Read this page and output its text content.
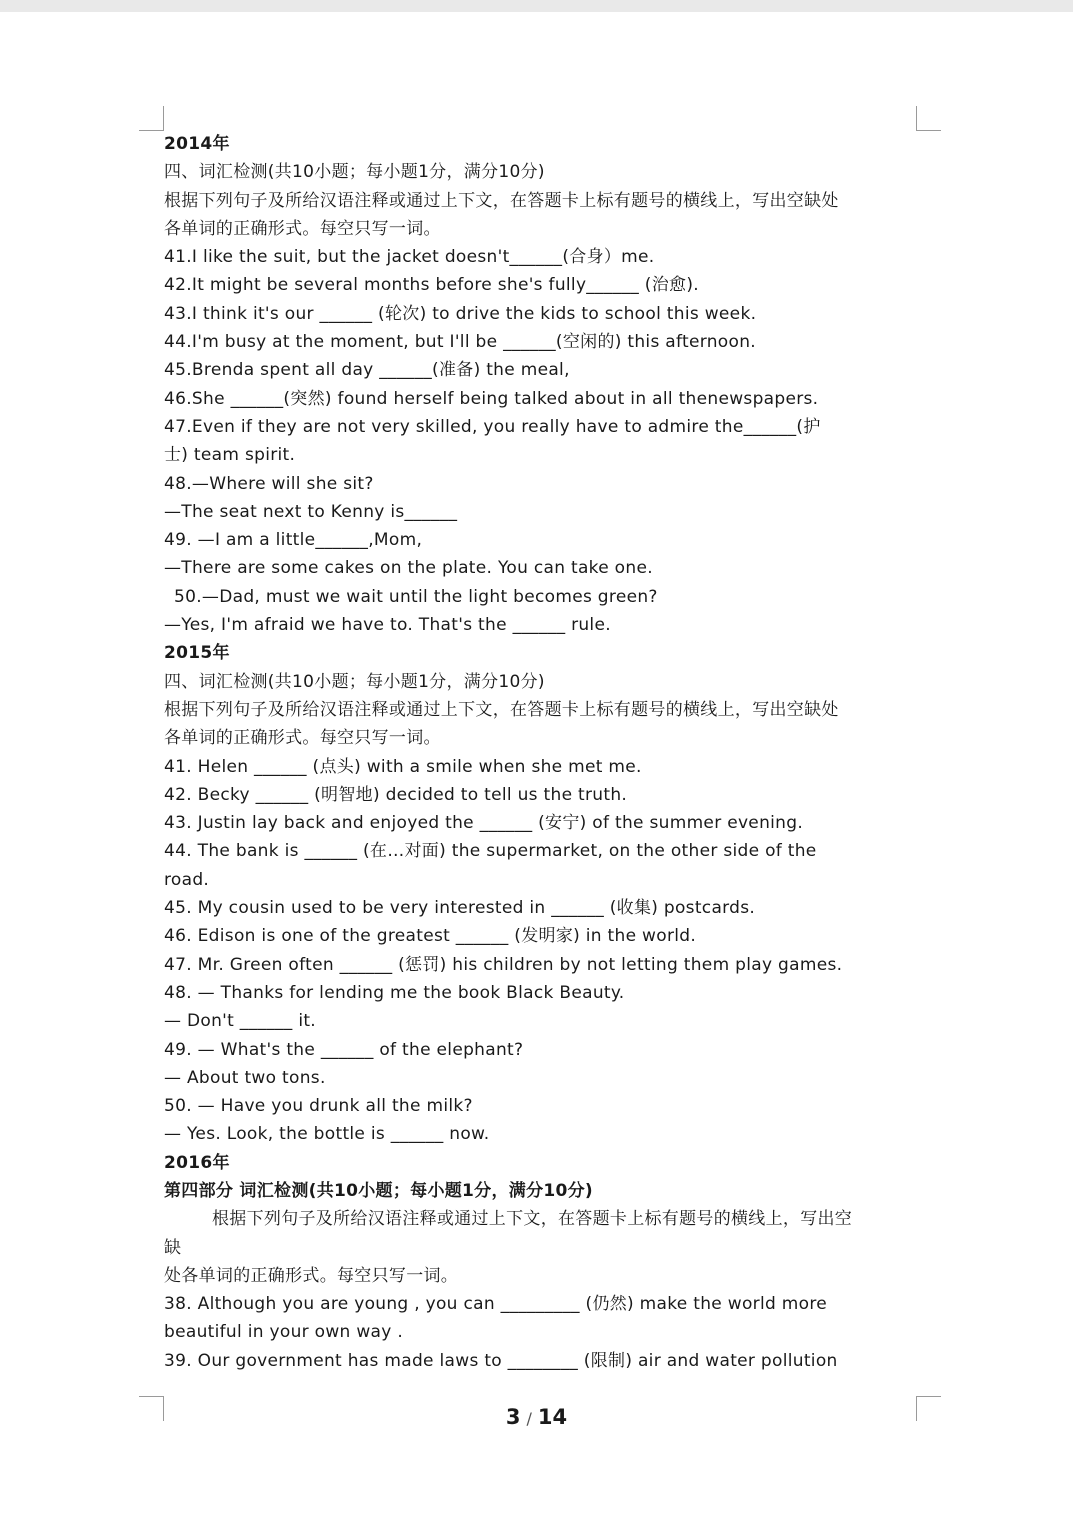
2014年
四、词汇检测(共10小题；每小题1分，满分10分)
根据下列句子及所给汉语注释或通过上下文，在答题卡上标有题号的横线上，写出空缺处
各单词的正确形式。每空只写一词。
41.I like the suit, but the jacket doesn't______(合身）me.
42.It might be several months before she's fully______ (治愈).
43.I think it's our ______ (轮次) to drive the kids to school this week.
44.I'm busy at the moment, but I'll be ______(空闲的) this afternoon.
45.Brenda spent all day ______(准备) the meal,
46.She ______(突然) found herself being talked about in all thenewspapers.
47.Even if they are not very skilled, you really have to admire the______(护
士) team spirit.
48.—Where will she sit?
—The seat next to Kenny is______
49. —I am a little______,Mom,
—There are some cakes on the plate. You can take one.
50.—Dad, must we wait until the light becomes green?
—Yes, I'm afraid we have to. That's the ______ rule.
2015年
四、词汇检测(共10小题；每小题1分，满分10分)
根据下列句子及所给汉语注释或通过上下文，在答题卡上标有题号的横线上，写出空缺处
各单词的正确形式。每空只写一词。
41. Helen ______ (点头) with a smile when she met me.
42. Becky ______ (明智地) decided to tell us the truth.
43. Justin lay back and enjoyed the ______ (安宁) of the summer evening.
44. The bank is ______ (在…对面) the supermarket, on the other side of the
road.
45. My cousin used to be very interested in ______ (收集) postcards.
46. Edison is one of the greatest ______ (发明家) in the world.
47. Mr. Green often ______ (惩罚) his children by not letting them play games.
48. — Thanks for lending me the book Black Beauty.
— Don't ______ it.
49. — What's the ______ of the elephant?
— About two tons.
50. — Have you drunk all the milk?
— Yes. Look, the bottle is ______ now.
2016年
第四部分 词汇检测(共10小题；每小题1分，满分10分)
根据下列句子及所给汉语注释或通过上下文，在答题卡上标有题号的横线上，写出空
缺
处各单词的正确形式。每空只写一词。
38. Although you are young , you can _________ (仍然) make the world more
beautiful in your own way .
39. Our government has made laws to ________ (限制) air and water pollution
3 / 14
